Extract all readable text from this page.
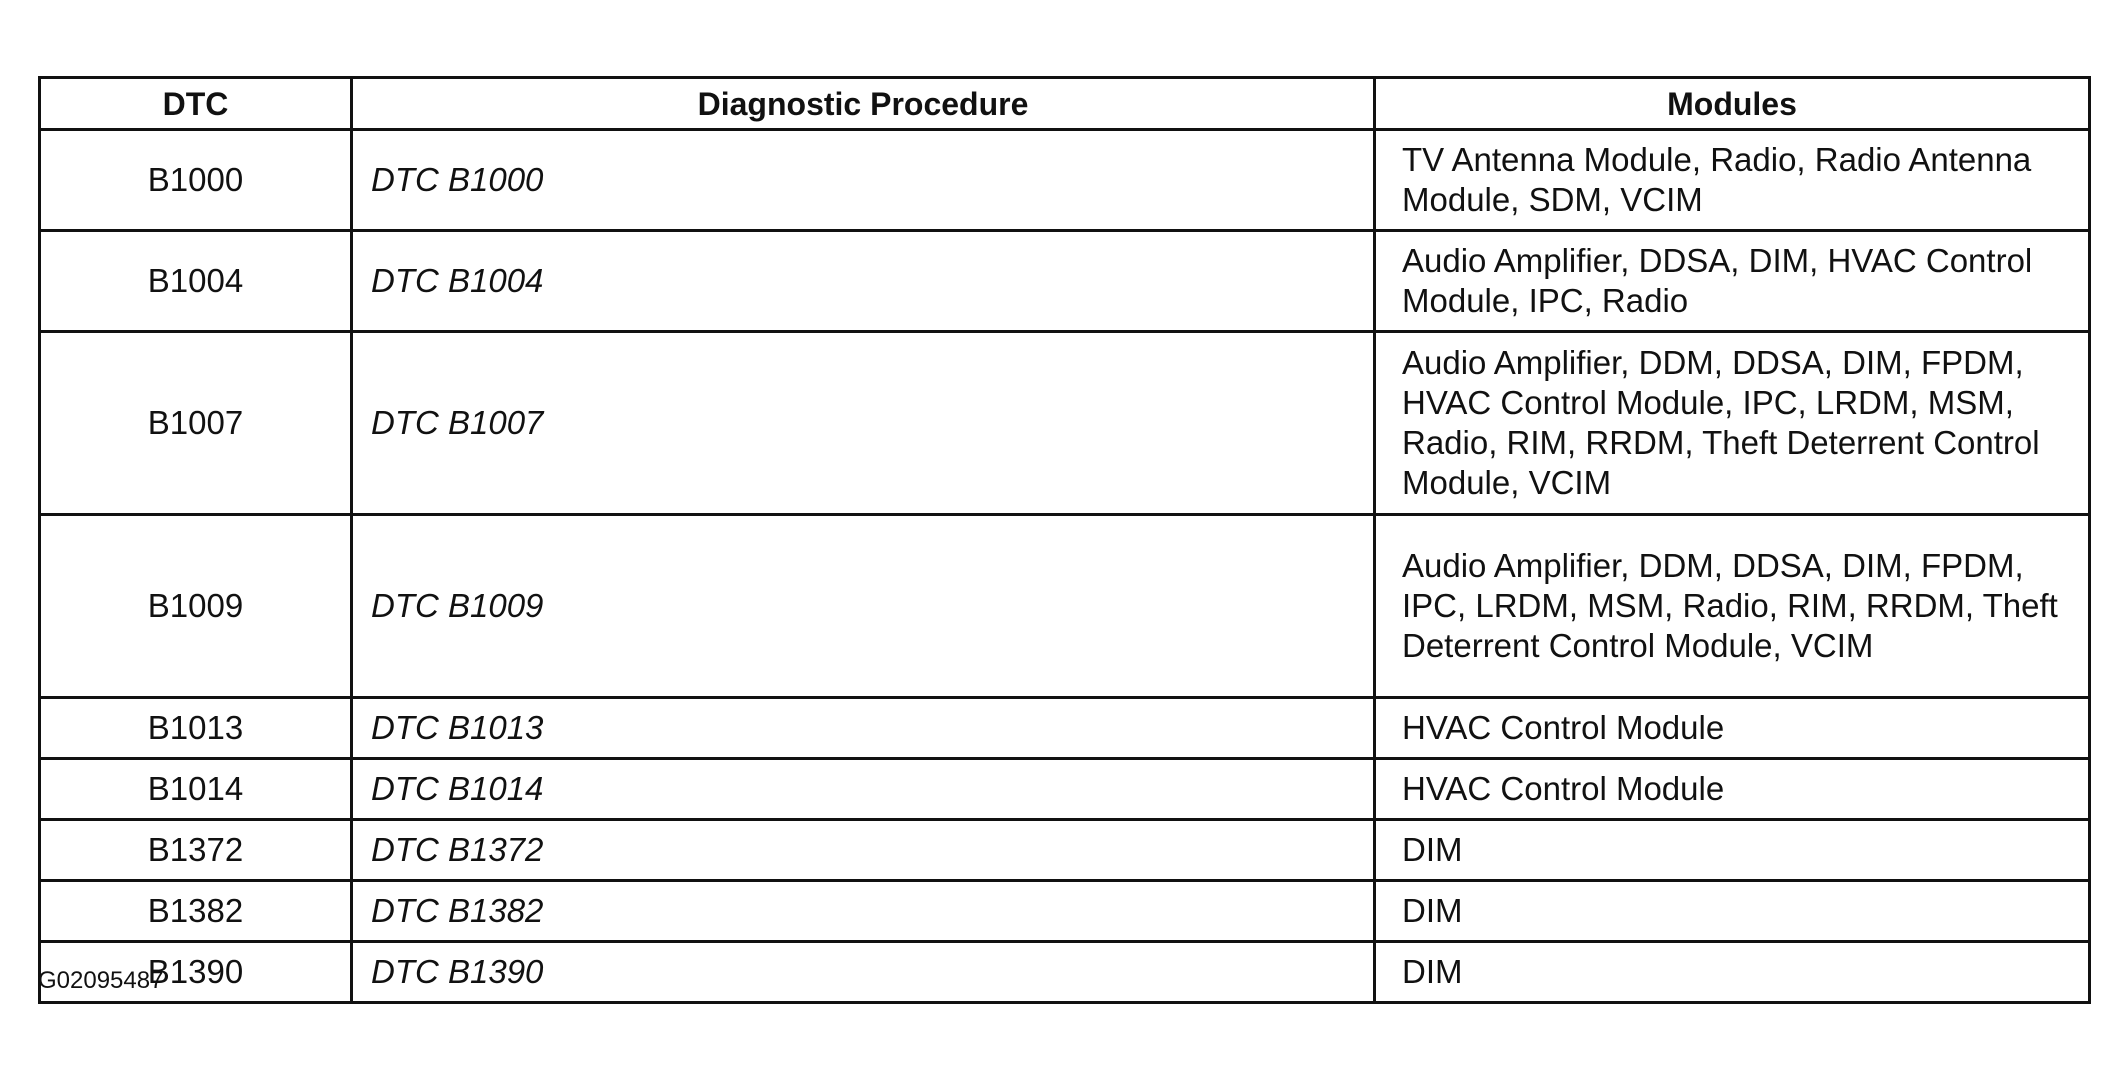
DTC	Diagnostic Procedure	Modules
B1000	DTC B1000	TV Antenna Module, Radio, Radio Antenna Module, SDM, VCIM
B1004	DTC B1004	Audio Amplifier, DDSA, DIM, HVAC Control Module, IPC, Radio
B1007	DTC B1007	Audio Amplifier, DDM, DDSA, DIM, FPDM, HVAC Control Module, IPC, LRDM, MSM, Radio, RIM, RRDM, Theft Deterrent Control Module, VCIM
B1009	DTC B1009	Audio Amplifier, DDM, DDSA, DIM, FPDM, IPC, LRDM, MSM, Radio, RIM, RRDM, Theft Deterrent Control Module, VCIM
B1013	DTC B1013	HVAC Control Module
B1014	DTC B1014	HVAC Control Module
B1372	DTC B1372	DIM
B1382	DTC B1382	DIM
B1390	DTC B1390	DIM
G02095487
